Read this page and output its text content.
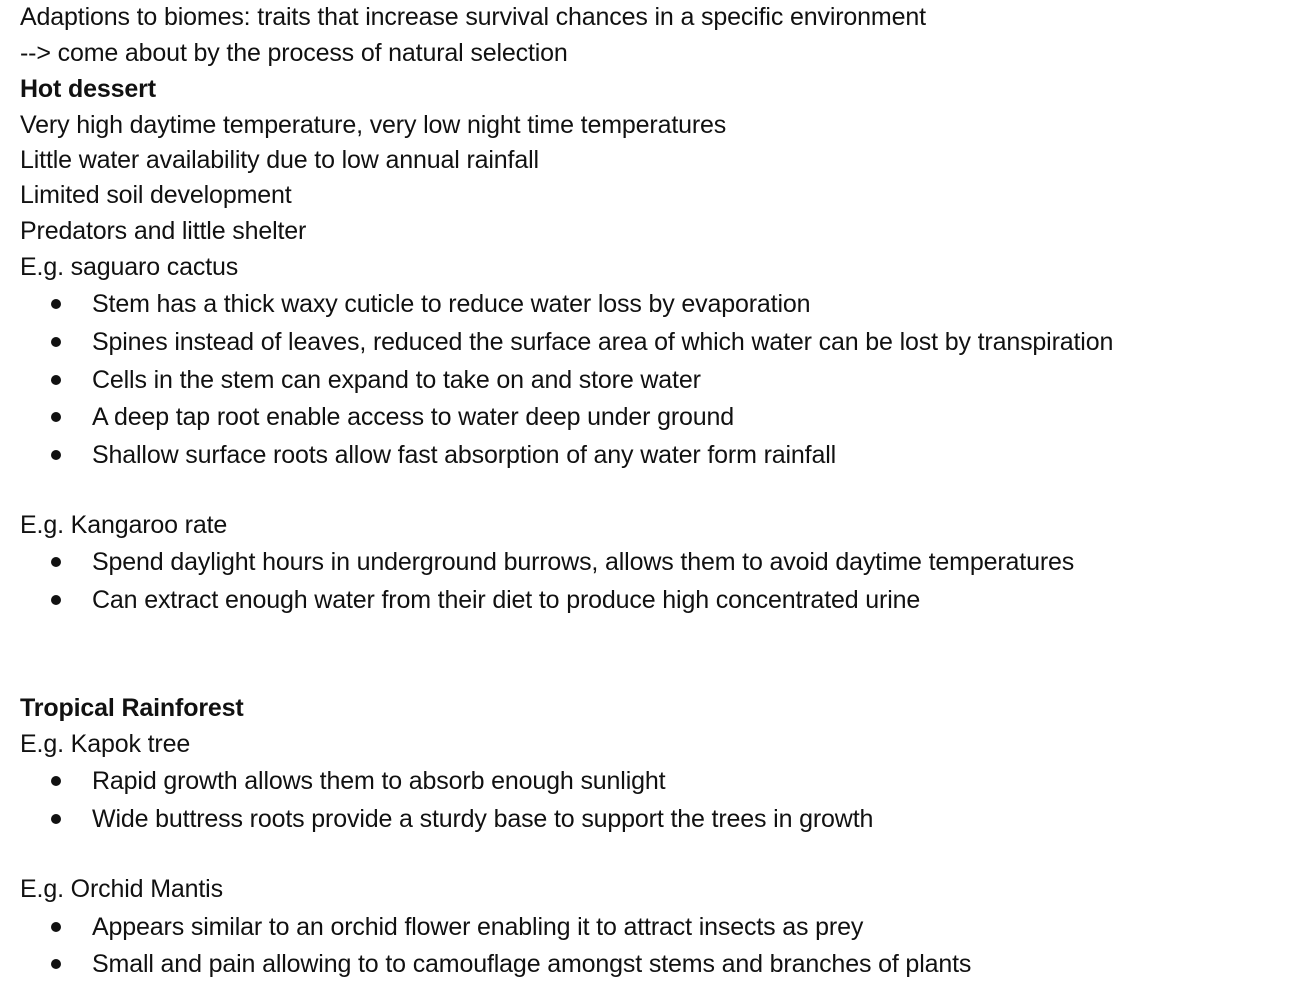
Adaptions to biomes: traits that increase survival chances in a specific environment
--> come about by the process of natural selection
Hot dessert
Very high daytime temperature, very low night time temperatures
Little water availability due to low annual rainfall
Limited soil development
Predators and little shelter
E.g. saguaro cactus
Stem has a thick waxy cuticle to reduce water loss by evaporation
Spines instead of leaves, reduced the surface area of which water can be lost by transpiration
Cells in the stem can expand to take on and store water
A deep tap root enable access to water deep under ground
Shallow surface roots allow fast absorption of any water form rainfall
E.g. Kangaroo rate
Spend daylight hours in underground burrows, allows them to avoid daytime temperatures
Can extract enough water from their diet to produce high concentrated urine
Tropical Rainforest
E.g. Kapok tree
Rapid growth allows them to absorb enough sunlight
Wide buttress roots provide a sturdy base to support the trees in growth
E.g. Orchid Mantis
Appears similar to an orchid flower enabling it to attract insects as prey
Small and pain allowing to to camouflage amongst stems and branches of plants
